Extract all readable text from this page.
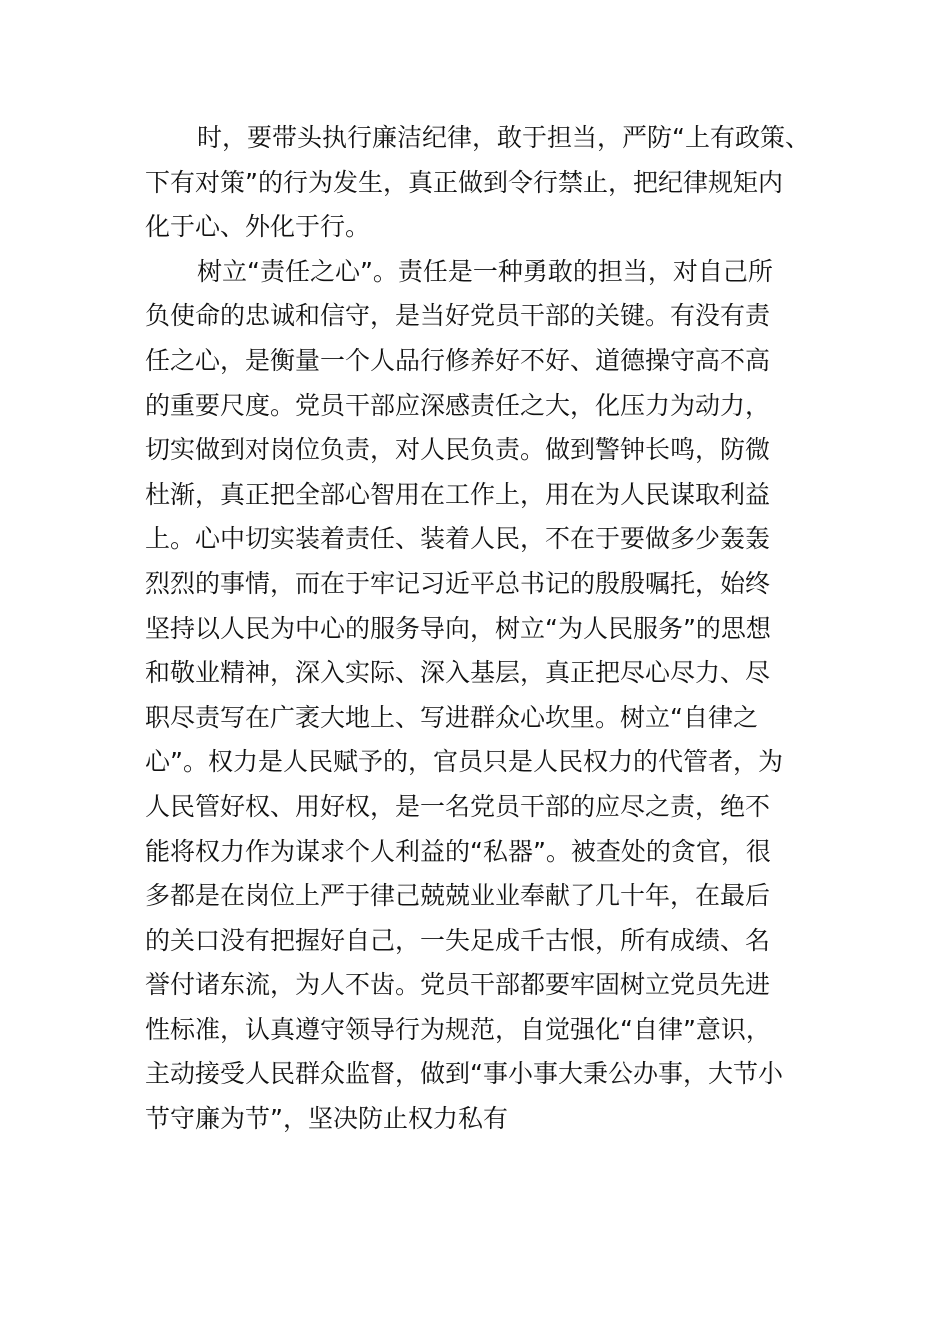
时，要带头执行廉洁纪律，敢于担当，严防“上有政策、
下有对策”的行为发生，真正做到令行禁止，把纪律规矩内
化于心、外化于行。
树立“责任之心”。责任是一种勇敢的担当，对自己所
负使命的忠诚和信守，是当好党员干部的关键。有没有责
任之心，是衡量一个人品行修养好不好、道德操守高不高
的重要尺度。党员干部应深感责任之大，化压力为动力，
切实做到对岗位负责，对人民负责。做到警钟长鸣，防微
杜渐，真正把全部心智用在工作上，用在为人民谋取利益
上。心中切实装着责任、装着人民，不在于要做多少轰轰
烈烈的事情，而在于牢记习近平总书记的殷殷嘱托，始终
坚持以人民为中心的服务导向，树立“为人民服务”的思想
和敬业精神，深入实际、深入基层，真正把尽心尽力、尽
职尽责写在广袤大地上、写进群众心坎里。树立“自律之
心”。权力是人民赋予的，官员只是人民权力的代管者，为
人民管好权、用好权，是一名党员干部的应尽之责，绝不
能将权力作为谋求个人利益的“私器”。被查处的贪官，很
多都是在岗位上严于律己兢兢业业奉献了几十年，在最后
的关口没有把握好自己，一失足成千古恨，所有成绩、名
誉付诸东流，为人不齿。党员干部都要牢固树立党员先进
性标准，认真遵守领导行为规范，自觉强化“自律”意识，
主动接受人民群众监督，做到“事小事大秉公办事，大节小
节守廉为节”，坚决防止权力私有
